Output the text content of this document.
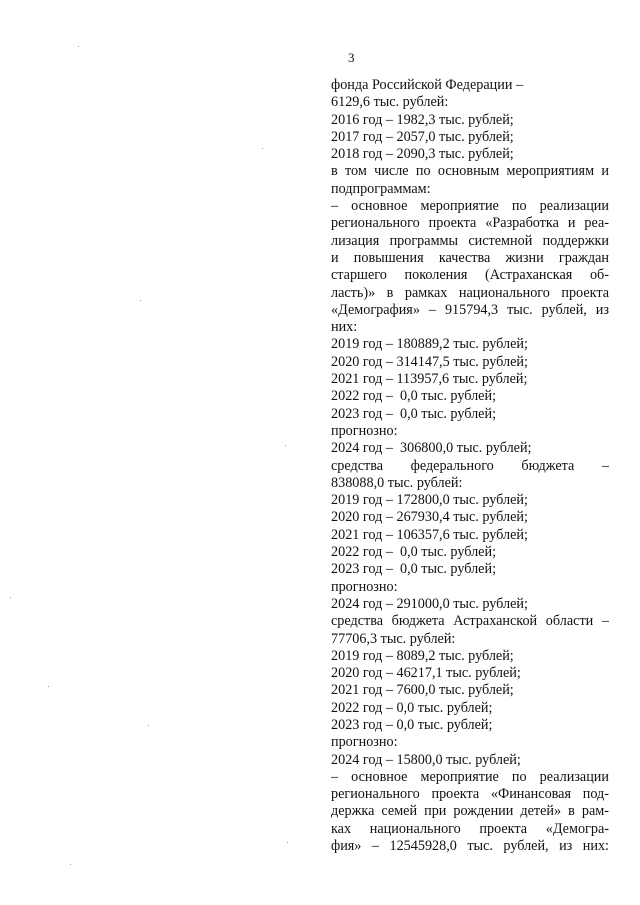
3
фонда Российской Федерации –
6129,6 тыс. рублей:
2016 год – 1982,3 тыс. рублей;
2017 год – 2057,0 тыс. рублей;
2018 год – 2090,3 тыс. рублей;
в том числе по основным мероприятиям и
подпрограммам:
– основное мероприятие по реализации
регионального проекта «Разработка и реа-
лизация программы системной поддержки
и повышения качества жизни граждан
старшего поколения (Астраханская об-
ласть)» в рамках национального проекта
«Демография» – 915794,3 тыс. рублей, из
них:
2019 год – 180889,2 тыс. рублей;
2020 год – 314147,5 тыс. рублей;
2021 год – 113957,6 тыс. рублей;
2022 год –  0,0 тыс. рублей;
2023 год –  0,0 тыс. рублей;
прогнозно:
2024 год –  306800,0 тыс. рублей;
средства федерального бюджета –
838088,0 тыс. рублей:
2019 год – 172800,0 тыс. рублей;
2020 год – 267930,4 тыс. рублей;
2021 год – 106357,6 тыс. рублей;
2022 год –  0,0 тыс. рублей;
2023 год –  0,0 тыс. рублей;
прогнозно:
2024 год – 291000,0 тыс. рублей;
средства бюджета Астраханской области –
77706,3 тыс. рублей:
2019 год – 8089,2 тыс. рублей;
2020 год – 46217,1 тыс. рублей;
2021 год – 7600,0 тыс. рублей;
2022 год – 0,0 тыс. рублей;
2023 год – 0,0 тыс. рублей;
прогнозно:
2024 год – 15800,0 тыс. рублей;
– основное мероприятие по реализации
регионального проекта «Финансовая под-
держка семей при рождении детей» в рам-
ках национального проекта «Демогра-
фия» – 12545928,0 тыс. рублей, из них:
